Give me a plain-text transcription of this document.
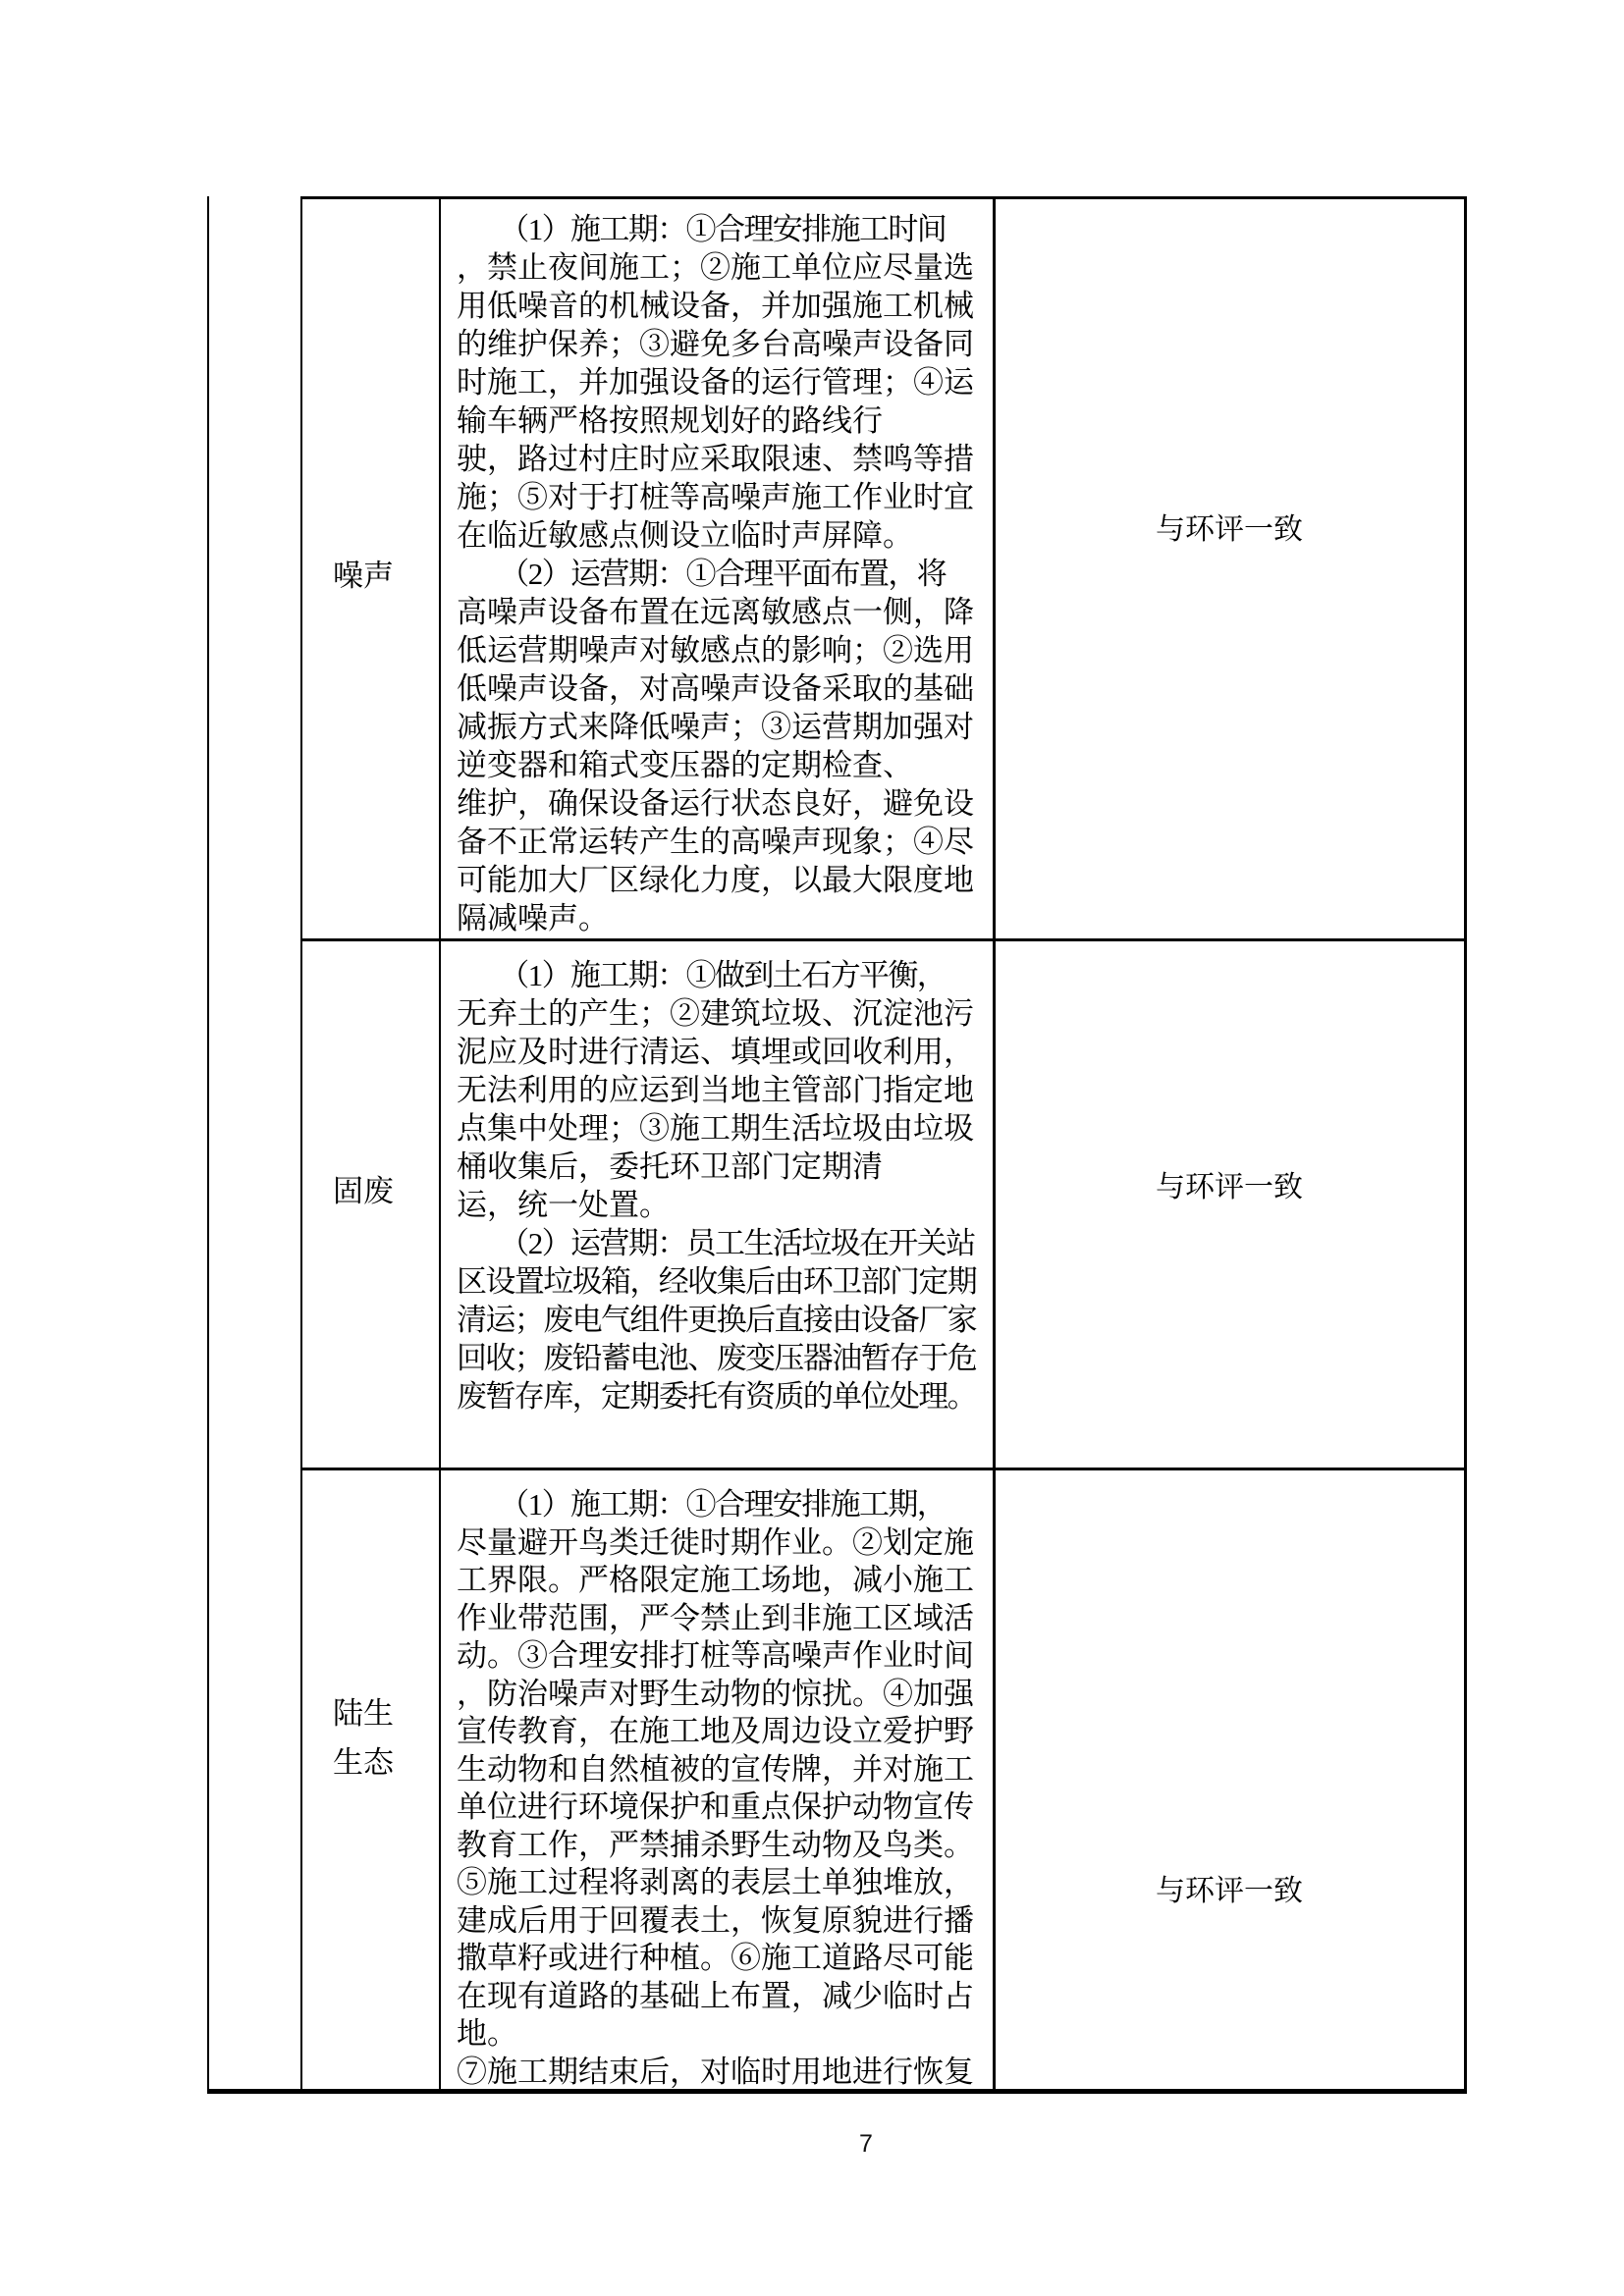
噪声
　　（1）施工期：①合理安排施工时间
，禁止夜间施工；②施工单位应尽量选
用低噪音的机械设备，并加强施工机械
的维护保养；③避免多台高噪声设备同
时施工，并加强设备的运行管理；④运
输车辆严格按照规划好的路线行
驶，路过村庄时应采取限速、禁鸣等措
施；⑤对于打桩等高噪声施工作业时宜
在临近敏感点侧设立临时声屏障。
　　（2）运营期：①合理平面布置，将
高噪声设备布置在远离敏感点一侧，降
低运营期噪声对敏感点的影响；②选用
低噪声设备，对高噪声设备采取的基础
减振方式来降低噪声；③运营期加强对
逆变器和箱式变压器的定期检查、
维护，确保设备运行状态良好，避免设
备不正常运转产生的高噪声现象；④尽
可能加大厂区绿化力度，以最大限度地
隔减噪声。
与环评一致
固废
　　（1）施工期：①做到土石方平衡，
无弃土的产生；②建筑垃圾、沉淀池污
泥应及时进行清运、填埋或回收利用，
无法利用的应运到当地主管部门指定地
点集中处理；③施工期生活垃圾由垃圾
桶收集后，委托环卫部门定期清
运，统一处置。
　　（2）运营期：员工生活垃圾在开关站
区设置垃圾箱，经收集后由环卫部门定期
清运；废电气组件更换后直接由设备厂家
回收；废铅蓄电池、废变压器油暂存于危
废暂存库，定期委托有资质的单位处理。
与环评一致
陆生
生态
　　（1）施工期：①合理安排施工期，
尽量避开鸟类迁徙时期作业。②划定施
工界限。严格限定施工场地，减小施工
作业带范围，严令禁止到非施工区域活
动。③合理安排打桩等高噪声作业时间
，防治噪声对野生动物的惊扰。④加强
宣传教育，在施工地及周边设立爱护野
生动物和自然植被的宣传牌，并对施工
单位进行环境保护和重点保护动物宣传
教育工作，严禁捕杀野生动物及鸟类。
⑤施工过程将剥离的表层土单独堆放，
建成后用于回覆表土，恢复原貌进行播
撒草籽或进行种植。⑥施工道路尽可能
在现有道路的基础上布置，减少临时占
地。
⑦施工期结束后，对临时用地进行恢复
与环评一致
7
